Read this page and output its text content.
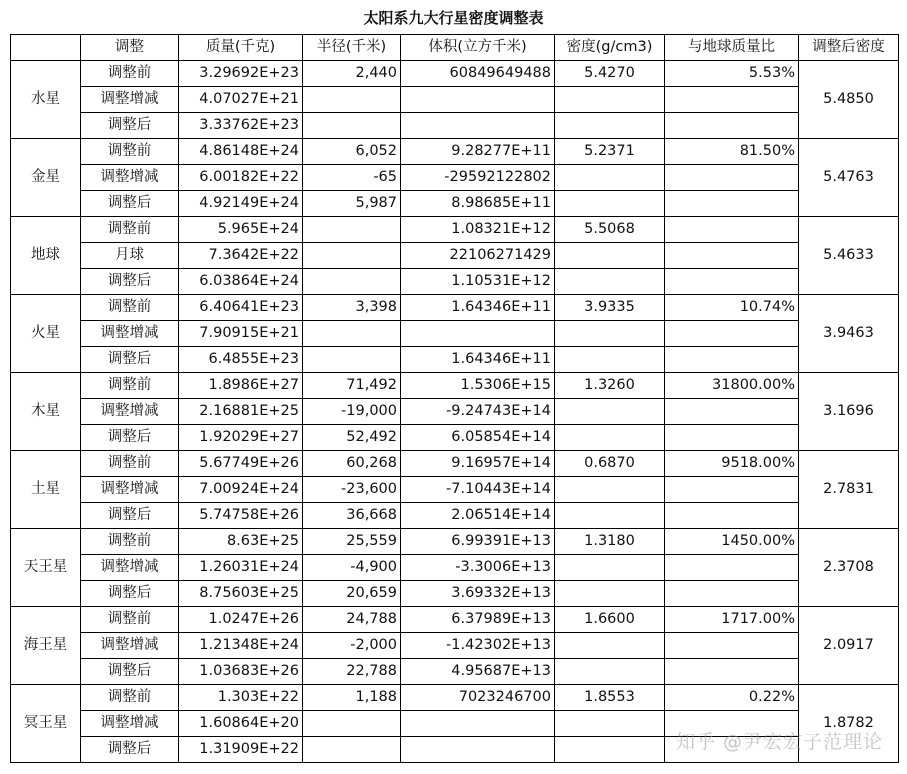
太阳系九大行星密度调整表
	调整	质量(千克)	半径(千米)	体积(立方千米)	密度(g/cm3)	与地球质量比	调整后密度
水星	调整前	3.29692E+23	2,440	60849649488	5.4270	5.53%	5.4850
	调整增减	4.07027E+21					
	调整后	3.33762E+23					
金星	调整前	4.86148E+24	6,052	9.28277E+11	5.2371	81.50%	5.4763
	调整增减	6.00182E+22	-65	-29592122802			
	调整后	4.92149E+24	5,987	8.98685E+11			
地球	调整前	5.965E+24		1.08321E+12	5.5068		5.4633
	月球	7.3642E+22		22106271429			
	调整后	6.03864E+24		1.10531E+12			
火星	调整前	6.40641E+23	3,398	1.64346E+11	3.9335	10.74%	3.9463
	调整增减	7.90915E+21					
	调整后	6.4855E+23		1.64346E+11			
木星	调整前	1.8986E+27	71,492	1.5306E+15	1.3260	31800.00%	3.1696
	调整增减	2.16881E+25	-19,000	-9.24743E+14			
	调整后	1.92029E+27	52,492	6.05854E+14			
土星	调整前	5.67749E+26	60,268	9.16957E+14	0.6870	9518.00%	2.7831
	调整增减	7.00924E+24	-23,600	-7.10443E+14			
	调整后	5.74758E+26	36,668	2.06514E+14			
天王星	调整前	8.63E+25	25,559	6.99391E+13	1.3180	1450.00%	2.3708
	调整增减	1.26031E+24	-4,900	-3.3006E+13			
	调整后	8.75603E+25	20,659	3.69332E+13			
海王星	调整前	1.0247E+26	24,788	6.37989E+13	1.6600	1717.00%	2.0917
	调整增减	1.21348E+24	-2,000	-1.42302E+13			
	调整后	1.03683E+26	22,788	4.95687E+13			
冥王星	调整前	1.303E+22	1,188	7023246700	1.8553	0.22%	1.8782
	调整增减	1.60864E+20					
	调整后	1.31909E+22						知乎 @尹宏宏子范理论
